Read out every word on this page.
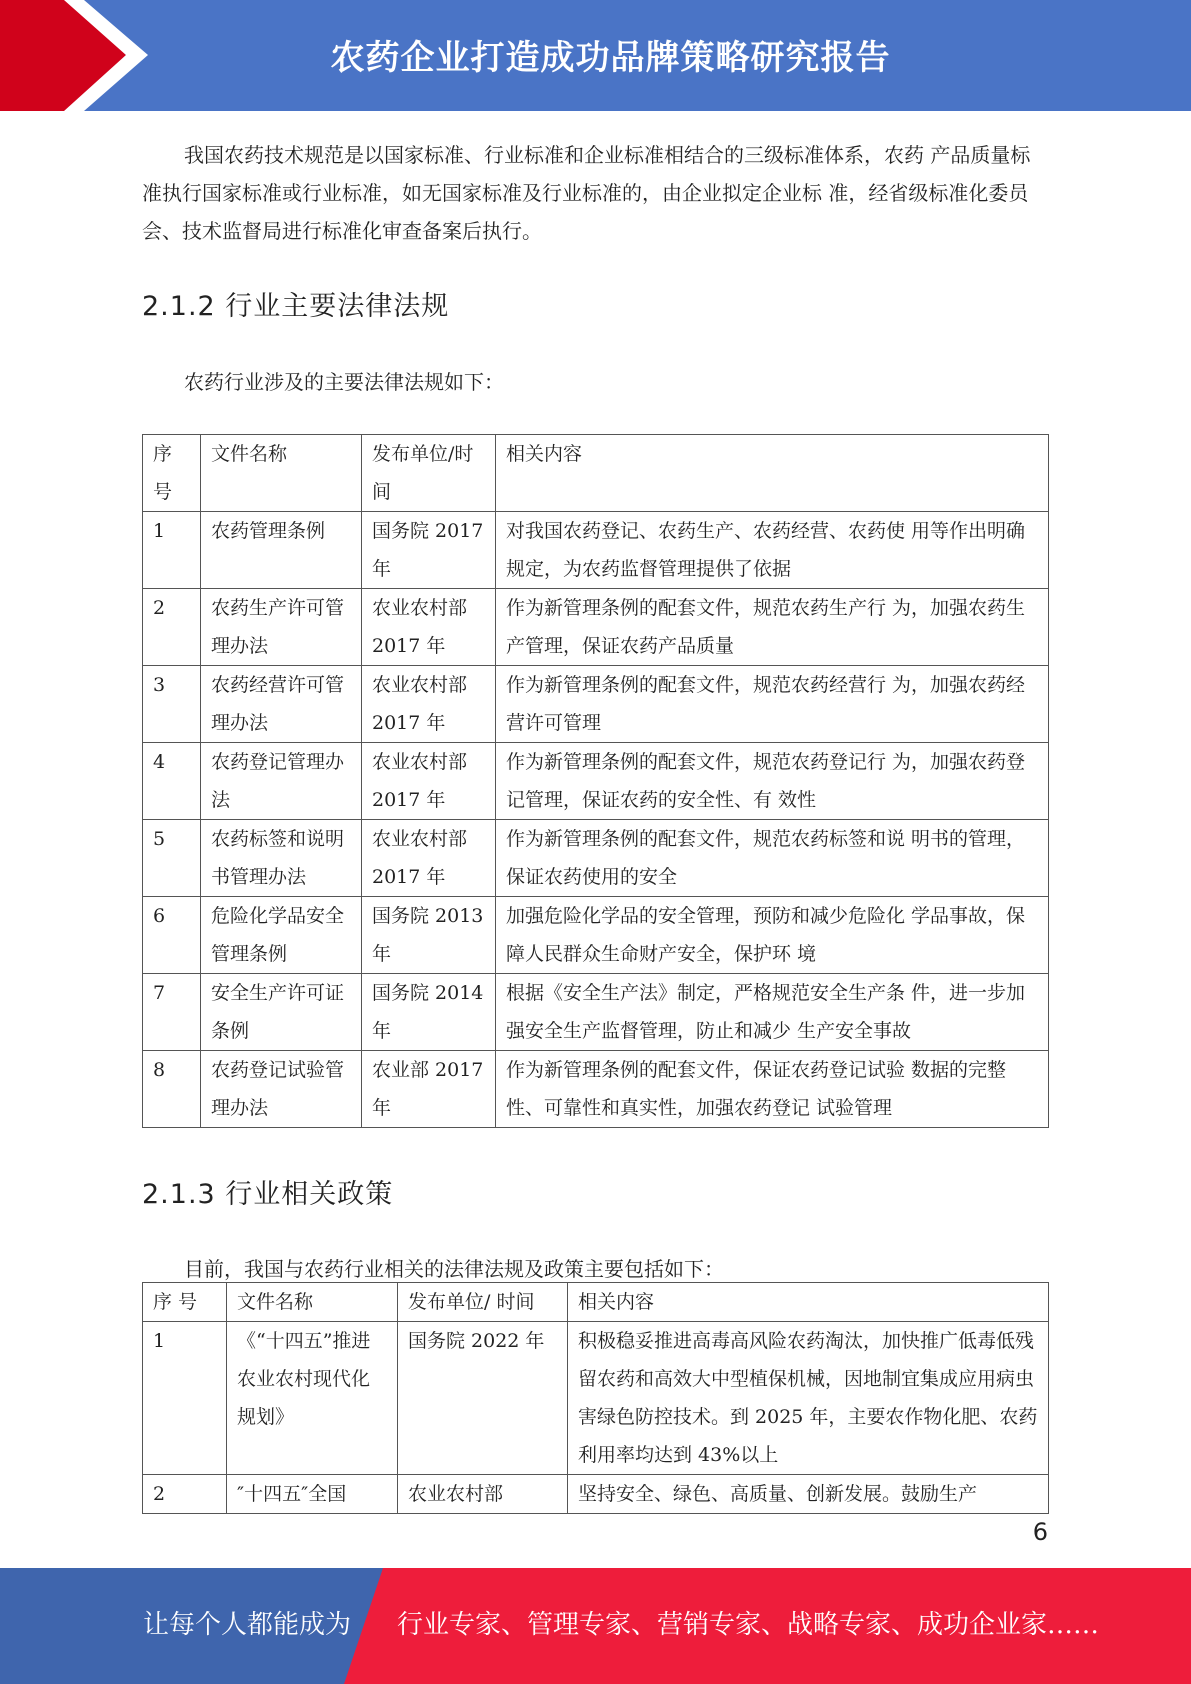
农药企业打造成功品牌策略研究报告

我国农药技术规范是以国家标准、行业标准和企业标准相结合的三级标准体系，农药 产品质量标准执行国家标准或行业标准，如无国家标准及行业标准的，由企业拟定企业标 准，经省级标准化委员会、技术监督局进行标准化审查备案后执行。

2.1.2 行业主要法律法规

农药行业涉及的主要法律法规如下：

序号	文件名称	发布单位/时间	相关内容
1	农药管理条例	国务院 2017 年	对我国农药登记、农药生产、农药经营、农药使 用等作出明确规定，为农药监督管理提供了依据
2	农药生产许可管理办法	农业农村部 2017 年	作为新管理条例的配套文件，规范农药生产行 为，加强农药生产管理，保证农药产品质量
3	农药经营许可管理办法	农业农村部 2017 年	作为新管理条例的配套文件，规范农药经营行 为，加强农药经营许可管理
4	农药登记管理办法	农业农村部 2017 年	作为新管理条例的配套文件，规范农药登记行 为，加强农药登记管理，保证农药的安全性、有 效性
5	农药标签和说明书管理办法	农业农村部 2017 年	作为新管理条例的配套文件，规范农药标签和说 明书的管理，保证农药使用的安全
6	危险化学品安全管理条例	国务院 2013 年	加强危险化学品的安全管理，预防和减少危险化 学品事故，保障人民群众生命财产安全，保护环 境
7	安全生产许可证条例	国务院 2014 年	根据《安全生产法》制定，严格规范安全生产条 件，进一步加强安全生产监督管理，防止和减少 生产安全事故
8	农药登记试验管理办法	农业部 2017 年	作为新管理条例的配套文件，保证农药登记试验 数据的完整性、可靠性和真实性，加强农药登记 试验管理
2.1.3 行业相关政策

目前，我国与农药行业相关的法律法规及政策主要包括如下：

序 号	文件名称	发布单位/ 时间	相关内容
1	《“十四五”推进农业农村现代化规划》	国务院 2022 年	积极稳妥推进高毒高风险农药淘汰，加快推广低毒低残留农药和高效大中型植保机械，因地制宜集成应用病虫害绿色防控技术。到 2025 年，主要农作物化肥、农药利用率均达到 43%以上
2	″十四五″全国	农业农村部	坚持安全、绿色、高质量、创新发展。鼓励生产
6
让每个人都能成为 行业专家、管理专家、营销专家、战略专家、成功企业家……
